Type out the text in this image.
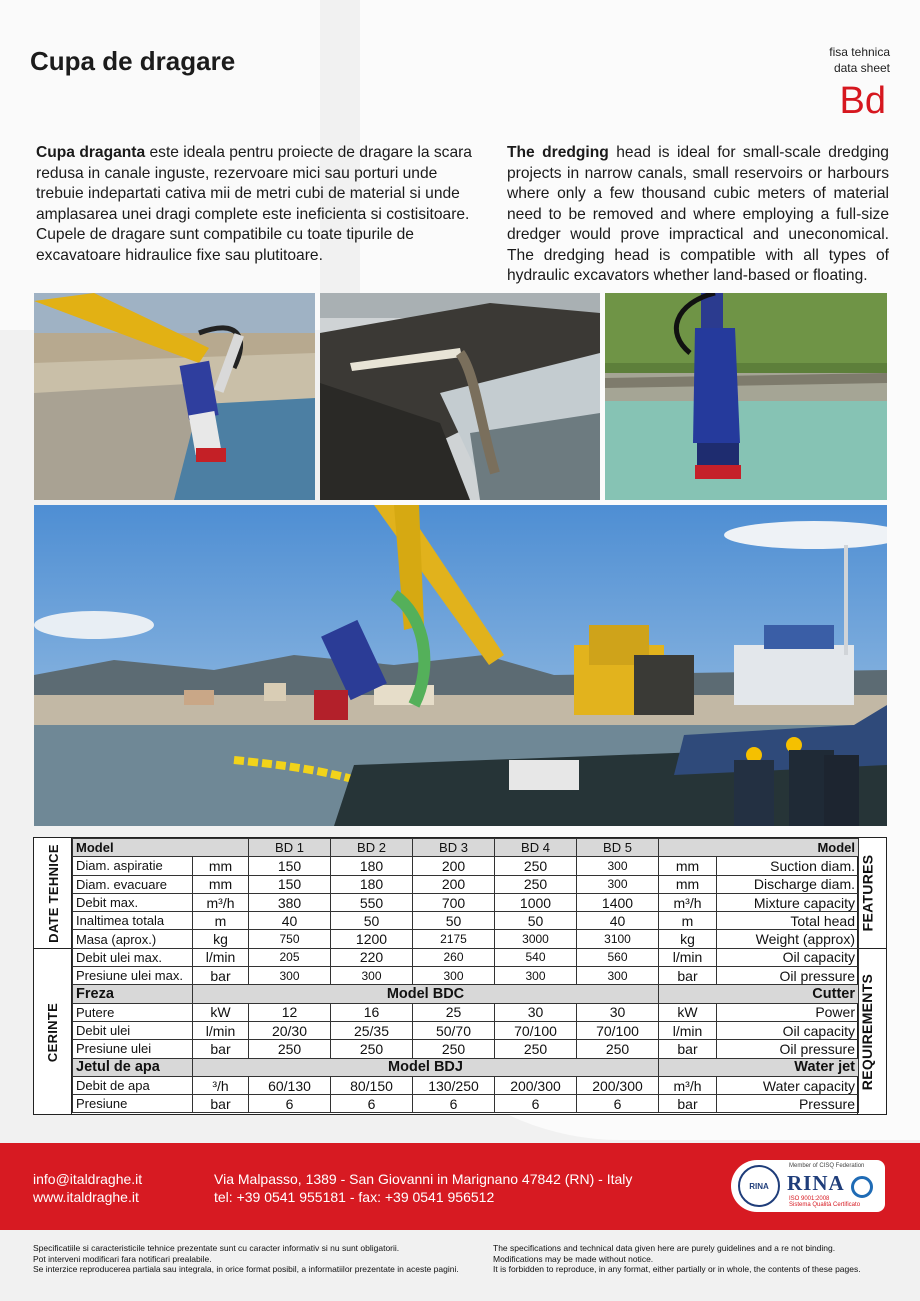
Cupa de dragare	fisa tehnica
data sheet
Bd
Cupa draganta este ideala pentru proiecte de dragare la scara redusa in canale inguste, rezervoare mici sau porturi unde trebuie indepartati cativa mii de metri cubi de material si unde amplasarea unei dragi complete este ineficienta si costisitoare.
Cupele de dragare sunt compatibile cu toate tipurile de excavatoare hidraulice fixe sau plutitoare.
The dredging head is ideal for small-scale dredging projects in narrow canals, small reservoirs or harbours where only a few thousand cubic meters of material need to be removed and where employing a full-size dredger would prove impractical and uneconomical. The dredging head is compatible with all types of hydraulic excavators whether land-based or floating.
DATE TEHNICE
CERINTE
FEATURES
REQUIREMENTS
Model		BD 1	BD 2	BD 3	BD 4	BD 5	Model	
Diam. aspiratie	mm	150	180	200	250	300	mm	Suction diam.
Diam. evacuare	mm	150	180	200	250	300	mm	Discharge diam.
Debit max.	m³/h	380	550	700	1000	1400	m³/h	Mixture capacity
Inaltimea totala	m	40	50	50	50	40	m	Total head
Masa (aprox.)	kg	750	1200	2175	3000	3100	kg	Weight (approx)
Debit ulei max.	l/min	205	220	260	540	560	l/min	Oil capacity
Presiune ulei max.	bar	300	300	300	300	300	bar	Oil pressure
Freza	Model BDC						Cutter	
Putere	kW	12	16	25	30	30	kW	Power
Debit ulei	l/min	20/30	25/35	50/70	70/100	70/100	l/min	Oil capacity
Presiune ulei	bar	250	250	250	250	250	bar	Oil pressure
Jetul de apa	Model BDJ						Water jet	
Debit de apa	³/h	60/130	80/150	130/250	200/300	200/300	m³/h	Water capacity
Presiune	bar	6	6	6	6	6	bar	Pressure
info@italdraghe.it
www.italdraghe.it
Via Malpasso, 1389 - San Giovanni in Marignano 47842 (RN) - Italy
tel: +39 0541 955181 - fax: +39 0541 956512
RINA
Member of CISQ Federation
RINA
ISO 9001:2008
Sistema Qualità Certificato
Specificatiile si caracteristicile tehnice prezentate sunt cu caracter informativ si nu sunt obligatorii.
Pot interveni modificari fara notificari prealabile.
Se interzice reproducerea partiala sau integrala, in orice format posibil, a informatiilor prezentate in aceste pagini.
The specifications and technical data given here are purely guidelines and a re not binding.
Modifications may be made without notice.
It is forbidden to reproduce, in any format, either partially or in whole, the contents of these pages.
